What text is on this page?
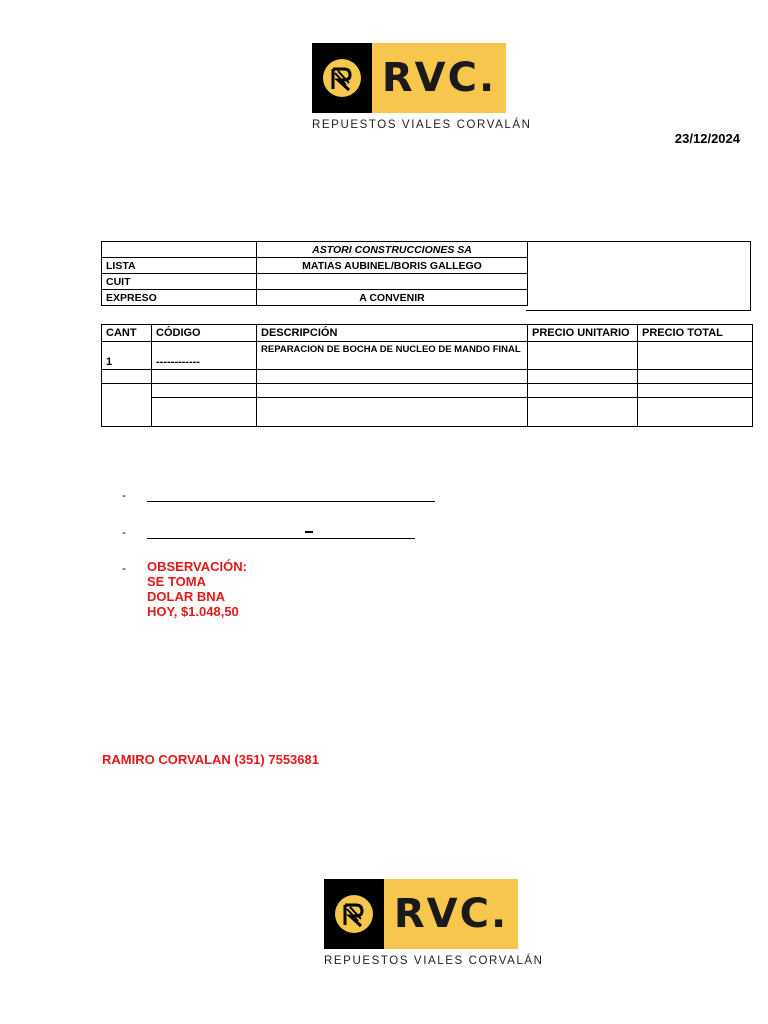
RVC.
REPUESTOS VIALES CORVALÁN
23/12/2024
	ASTORI CONSTRUCCIONES SA
LISTA	MATIAS AUBINEL/BORIS GALLEGO
CUIT	
EXPRESO	A CONVENIR
CANT	CÓDIGO	DESCRIPCIÓN	PRECIO UNITARIO	PRECIO TOTAL
1	------------	REPARACION DE BOCHA DE NUCLEO DE MANDO FINAL		

-
-
- OBSERVACIÓN: SE TOMA DOLAR BNA HOY, $1.048,50
RAMIRO CORVALAN (351) 7553681
RVC.
REPUESTOS VIALES CORVALÁN
